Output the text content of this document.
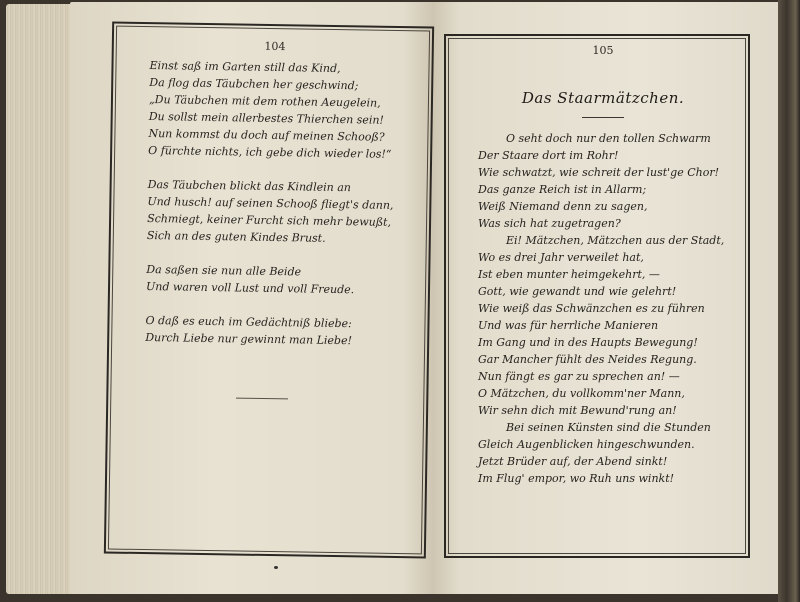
104
Einst saß im Garten still das Kind,
Da flog das Täubchen her geschwind;
„Du Täubchen mit dem rothen Aeugelein,
Du sollst mein allerbestes Thierchen sein!
Nun kommst du doch auf meinen Schooß?
O fürchte nichts, ich gebe dich wieder los!“
Das Täubchen blickt das Kindlein an
Und husch! auf seinen Schooß fliegt's dann,
Schmiegt, keiner Furcht sich mehr bewußt,
Sich an des guten Kindes Brust.
Da saßen sie nun alle Beide
Und waren voll Lust und voll Freude.
O daß es euch im Gedächtniß bliebe:
Durch Liebe nur gewinnt man Liebe!
105
Das Staarmätzchen.
O seht doch nur den tollen Schwarm
Der Staare dort im Rohr!
Wie schwatzt, wie schreit der lust'ge Chor!
Das ganze Reich ist in Allarm;
Weiß Niemand denn zu sagen,
Was sich hat zugetragen?
Ei! Mätzchen, Mätzchen aus der Stadt,
Wo es drei Jahr verweilet hat,
Ist eben munter heimgekehrt, —
Gott, wie gewandt und wie gelehrt!
Wie weiß das Schwänzchen es zu führen
Und was für herrliche Manieren
Im Gang und in des Haupts Bewegung!
Gar Mancher fühlt des Neides Regung.
Nun fängt es gar zu sprechen an! —
O Mätzchen, du vollkomm'ner Mann,
Wir sehn dich mit Bewund'rung an!
Bei seinen Künsten sind die Stunden
Gleich Augenblicken hingeschwunden.
Jetzt Brüder auf, der Abend sinkt!
Im Flug' empor, wo Ruh uns winkt!
